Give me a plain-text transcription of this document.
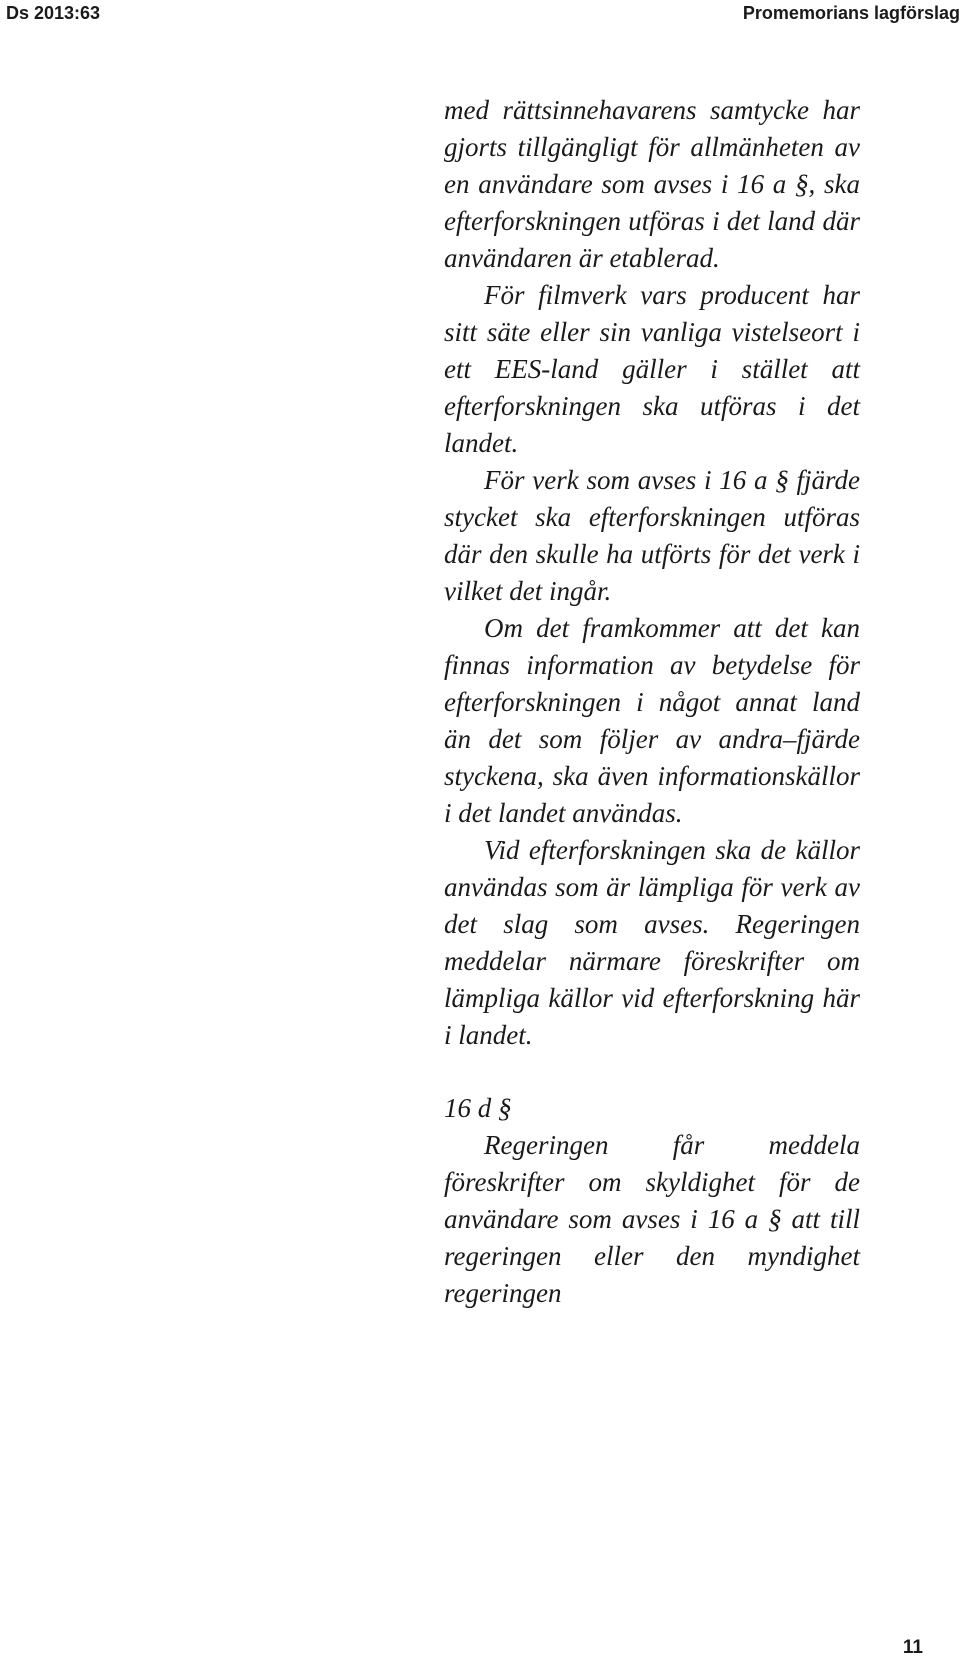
Ds 2013:63	Promemorians lagförslag

med rättsinnehavarens samtycke har gjorts tillgängligt för allmänheten av en användare som avses i 16 a §, ska efterforskningen utföras i det land där användaren är etablerad.

För filmverk vars producent har sitt säte eller sin vanliga vistelseort i ett EES-land gäller i stället att efterforskningen ska utföras i det landet.

För verk som avses i 16 a § fjärde stycket ska efterforskningen utföras där den skulle ha utförts för det verk i vilket det ingår.

Om det framkommer att det kan finnas information av betydelse för efterforskningen i något annat land än det som följer av andra–fjärde styckena, ska även informationskällor i det landet användas.

Vid efterforskningen ska de källor användas som är lämpliga för verk av det slag som avses. Regeringen meddelar närmare föreskrifter om lämpliga källor vid efterforskning här i landet.

16 d §

Regeringen får meddela föreskrifter om skyldighet för de användare som avses i 16 a § att till regeringen eller den myndighet regeringen

11
